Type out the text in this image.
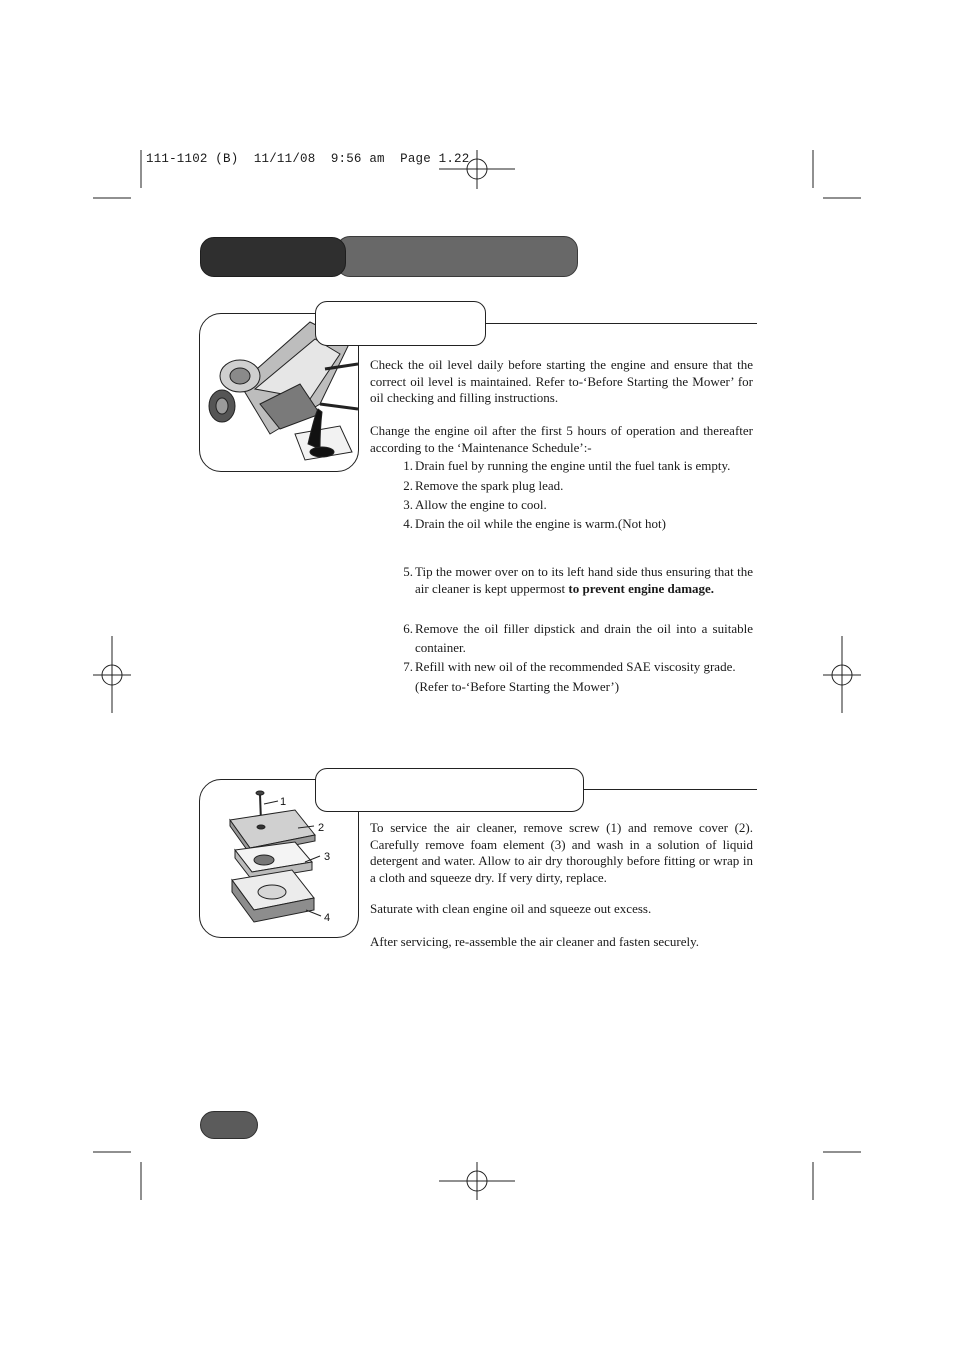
111-1102 (B)  11/11/08  9:56 am  Page 1.22
Check the oil level daily before starting the engine and ensure that the correct oil level is maintained. Refer to-‘Before Starting the Mower’ for oil checking and filling instructions.
Change the engine oil after the first 5 hours of operation and thereafter according to the ‘Maintenance Schedule’:-
1. Drain fuel by running the engine until the fuel tank is empty.
2. Remove the spark plug lead.
3. Allow the engine to cool.
4. Drain the oil while the engine is warm.(Not hot)
5. Tip the mower over on to its left hand side thus ensuring that the air cleaner is kept uppermost to prevent engine damage.
6. Remove the oil filler dipstick and drain the oil into a suitable container.
7. Refill with new oil of the recommended SAE viscosity grade.
(Refer to-‘Before Starting the Mower’)
1
2
3
4
To service the air cleaner, remove screw (1) and remove cover (2). Carefully remove foam element (3) and wash in a solution of liquid detergent and water. Allow to air dry thoroughly before fitting or wrap in a cloth and squeeze dry. If very dirty, replace.
Saturate with clean engine oil and squeeze out excess.
After servicing, re-assemble the air cleaner and fasten securely.
